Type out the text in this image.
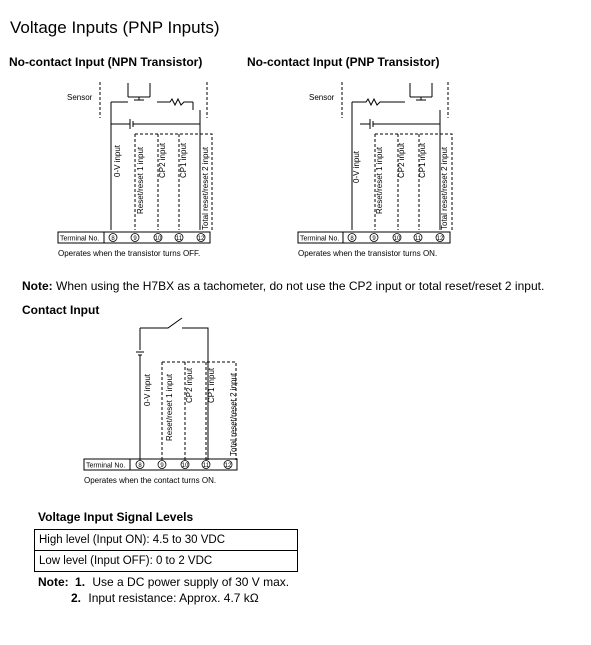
Voltage Inputs (PNP Inputs)
No-contact Input (NPN Transistor)	No-contact Input (PNP Transistor)
Note: When using the H7BX as a tachometer, do not use the CP2 input or total reset/reset 2 input.
Contact Input
Voltage Input Signal Levels
High level (Input ON): 4.5 to 30 VDC
Low level (Input OFF): 0 to 2 VDC
Note: 1. Use a DC power supply of 30 V max.
2. Input resistance: Approx. 4.7 kΩ
Sensor	Sensor
Terminal No.	Terminal No.
Terminal No.
Operates when the transistor turns OFF.	Operates when the transistor turns ON.
Operates when the contact turns ON.
8	9	10 11	12	8	9	10 11	12
8	9	10 11	12
0-V input Reset/reset 1 input CP2 input CP1 input Total reset/reset 2 input	0-V input Reset/reset 1 input CP2 input CP1 input Total reset/reset 2 input
0-V input Reset/reset 1 input CP2 input CP1 input Total reset/reset 2 input
